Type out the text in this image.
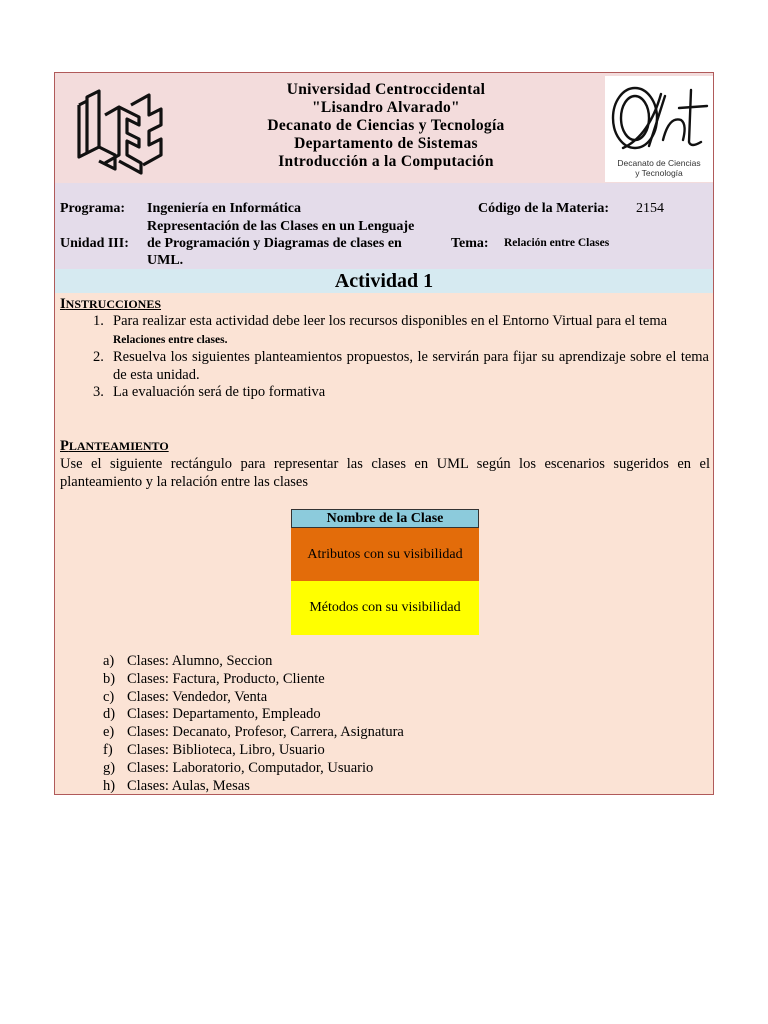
Universidad Centroccidental
"Lisandro Alvarado"
Decanato de Ciencias y Tecnología
Departamento de Sistemas
Introducción a la Computación	Decanato de Ciencias
y Tecnología
Programa: Ingeniería en Informática	Código de la Materia: 2154
Representación de las Clases en un Lenguaje
Unidad III: de Programación y Diagramas de clases en
UML.
Tema: Relación entre Clases
Actividad 1
INSTRUCCIONES
1. Para realizar esta actividad debe leer los recursos disponibles en el Entorno Virtual para el tema
Relaciones entre clases.
2. Resuelva los siguientes planteamientos propuestos, le servirán para fijar su aprendizaje sobre el tema de esta unidad.
3. La evaluación será de tipo formativa
PLANTEAMIENTO
Use el siguiente rectángulo para representar las clases en UML según los escenarios sugeridos en el planteamiento y la relación entre las clases
Nombre de la Clase
Atributos con su visibilidad
Métodos con su visibilidad
a) Clases: Alumno, Seccion
b) Clases: Factura, Producto, Cliente
c) Clases: Vendedor, Venta
d) Clases: Departamento, Empleado
e) Clases: Decanato, Profesor, Carrera, Asignatura
f) Clases: Biblioteca, Libro, Usuario
g) Clases: Laboratorio, Computador, Usuario
h) Clases: Aulas, Mesas
